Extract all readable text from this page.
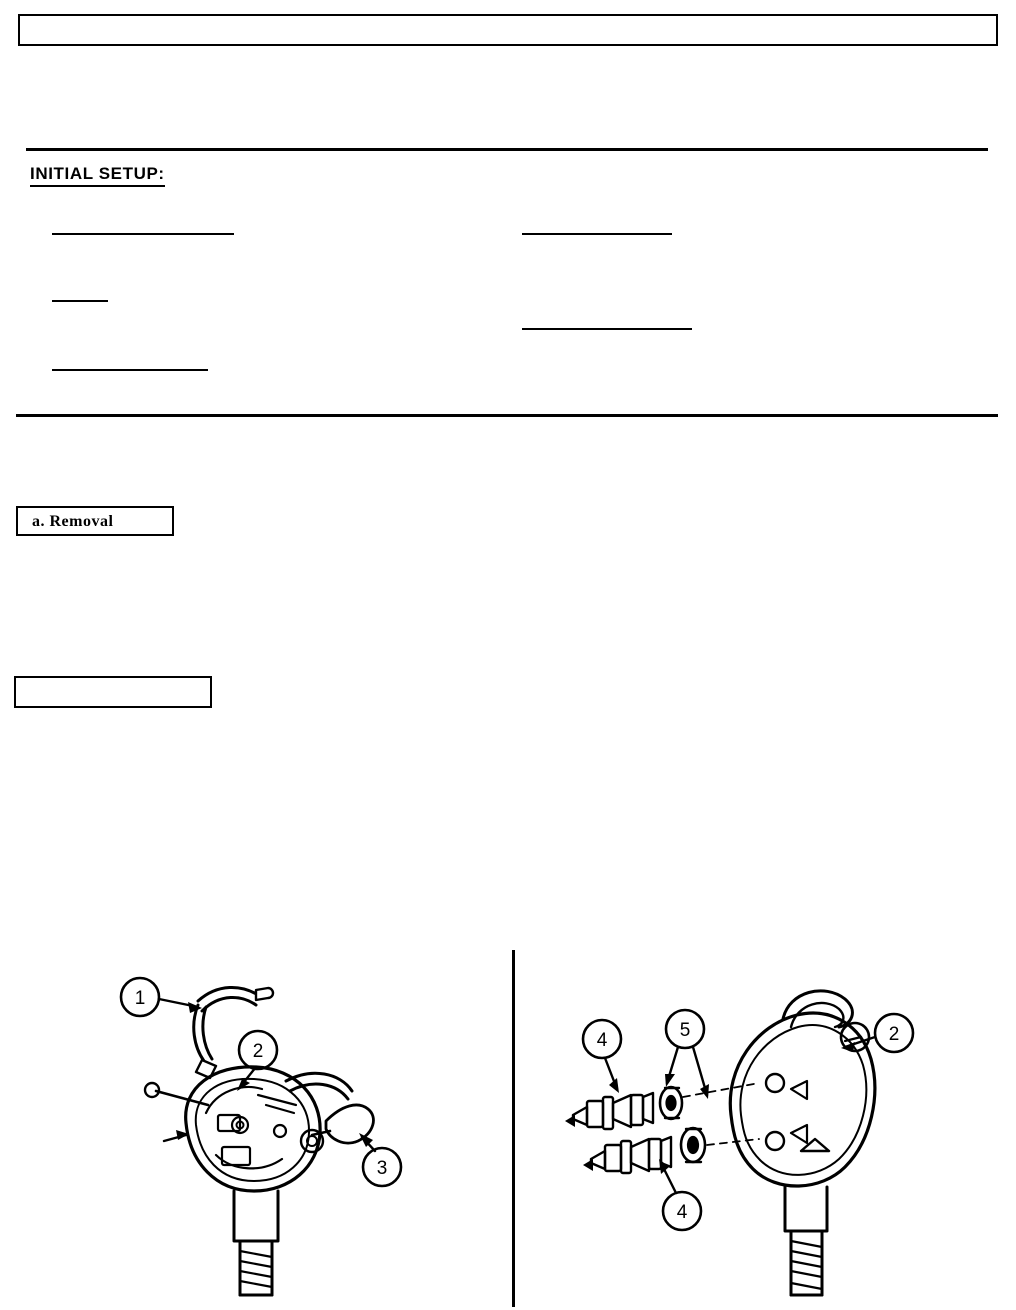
INITIAL SETUP:
a. Removal
1
2
3
4	5	2
4
